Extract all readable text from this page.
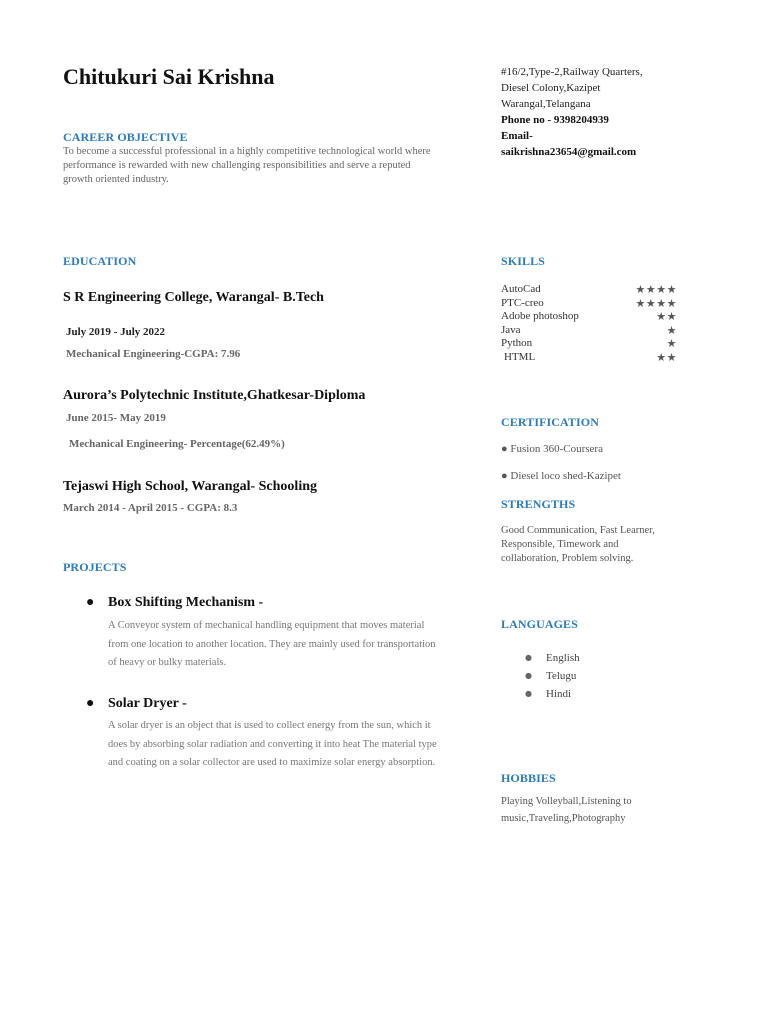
Chitukuri Sai Krishna	#16/2,Type-2,Railway Quarters,
Diesel Colony,Kazipet
Warangal,Telangana
Phone no - 9398204939
Email-
saikrishna23654@gmail.com
CAREER OBJECTIVE
To become a successful professional in a highly competitive technological world where
performance is rewarded with new challenging responsibilities and serve a reputed
growth oriented industry.
EDUCATION
S R Engineering College, Warangal- B.Tech
July 2019 - July 2022
Mechanical Engineering-CGPA: 7.96
Aurora’s Polytechnic Institute,Ghatkesar-Diploma
June 2015- May 2019
Mechanical Engineering- Percentage(62.49%)
Tejaswi High School, Warangal- Schooling
March 2014 - April 2015 - CGPA: 8.3
PROJECTS
● Box Shifting Mechanism -
A Conveyor system of mechanical handling equipment that moves material
from one location to another location. They are mainly used for transportation
of heavy or bulky materials.
● Solar Dryer -
A solar dryer is an object that is used to collect energy from the sun, which it
does by absorbing solar radiation and converting it into heat The material type
and coating on a solar collector are used to maximize solar energy absorption.
SKILLS
AutoCad	★★★★
PTC-creo	★★★★
Adobe photoshop	★★
Java	★
Python	★
HTML	★★
CERTIFICATION
● Fusion 360-Coursera
● Diesel loco shed-Kazipet
STRENGTHS
Good Communication, Fast Learner,
Responsible, Timework and
collaboration, Problem solving.
LANGUAGES
● English
● Telugu
● Hindi
HOBBIES
Playing Volleyball,Listening to
music,Traveling,Photography
